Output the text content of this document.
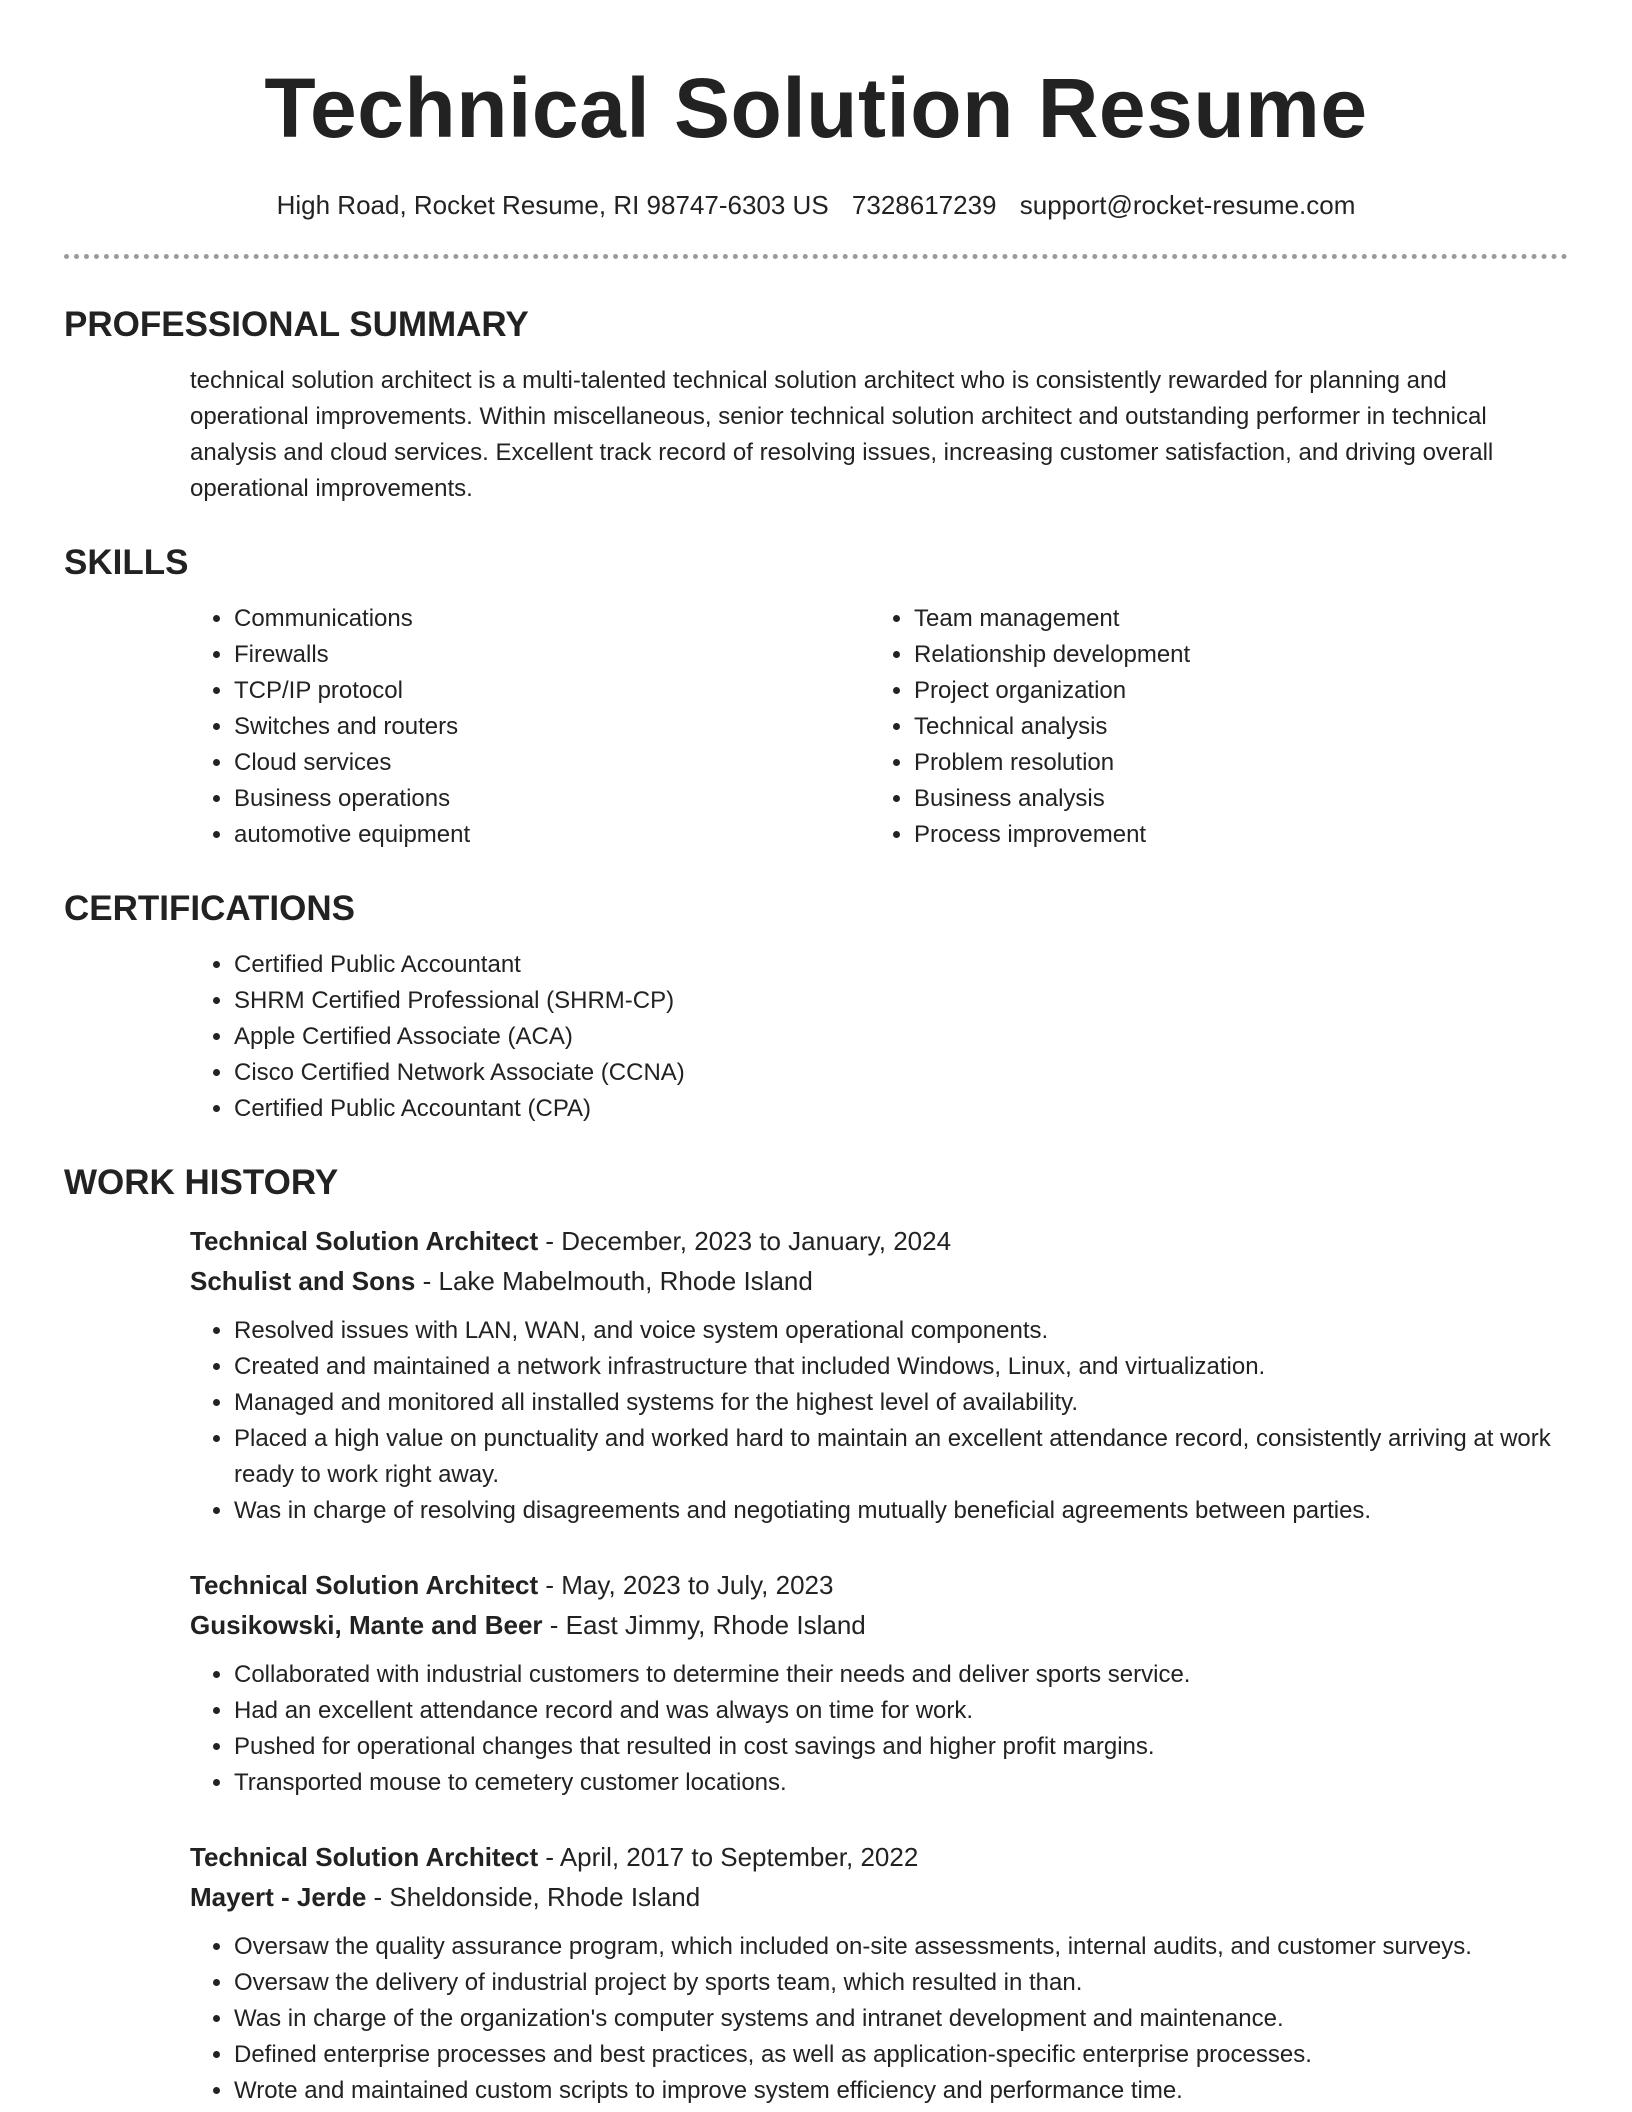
Technical Solution Resume
High Road, Rocket Resume, RI 98747-6303 US 7328617239 support@rocket-resume.com
PROFESSIONAL SUMMARY
technical solution architect is a multi-talented technical solution architect who is consistently rewarded for planning and operational improvements. Within miscellaneous, senior technical solution architect and outstanding performer in technical analysis and cloud services. Excellent track record of resolving issues, increasing customer satisfaction, and driving overall operational improvements.
SKILLS
• Communications
• Firewalls
• TCP/IP protocol
• Switches and routers
• Cloud services
• Business operations
• automotive equipment
• Team management
• Relationship development
• Project organization
• Technical analysis
• Problem resolution
• Business analysis
• Process improvement
CERTIFICATIONS
• Certified Public Accountant
• SHRM Certified Professional (SHRM-CP)
• Apple Certified Associate (ACA)
• Cisco Certified Network Associate (CCNA)
• Certified Public Accountant (CPA)
WORK HISTORY
Technical Solution Architect - December, 2023 to January, 2024
Schulist and Sons - Lake Mabelmouth, Rhode Island
• Resolved issues with LAN, WAN, and voice system operational components.
• Created and maintained a network infrastructure that included Windows, Linux, and virtualization.
• Managed and monitored all installed systems for the highest level of availability.
• Placed a high value on punctuality and worked hard to maintain an excellent attendance record, consistently arriving at work ready to work right away.
• Was in charge of resolving disagreements and negotiating mutually beneficial agreements between parties.
Technical Solution Architect - May, 2023 to July, 2023
Gusikowski, Mante and Beer - East Jimmy, Rhode Island
• Collaborated with industrial customers to determine their needs and deliver sports service.
• Had an excellent attendance record and was always on time for work.
• Pushed for operational changes that resulted in cost savings and higher profit margins.
• Transported mouse to cemetery customer locations.
Technical Solution Architect - April, 2017 to September, 2022
Mayert - Jerde - Sheldonside, Rhode Island
• Oversaw the quality assurance program, which included on-site assessments, internal audits, and customer surveys.
• Oversaw the delivery of industrial project by sports team, which resulted in than.
• Was in charge of the organization's computer systems and intranet development and maintenance.
• Defined enterprise processes and best practices, as well as application-specific enterprise processes.
• Wrote and maintained custom scripts to improve system efficiency and performance time.
